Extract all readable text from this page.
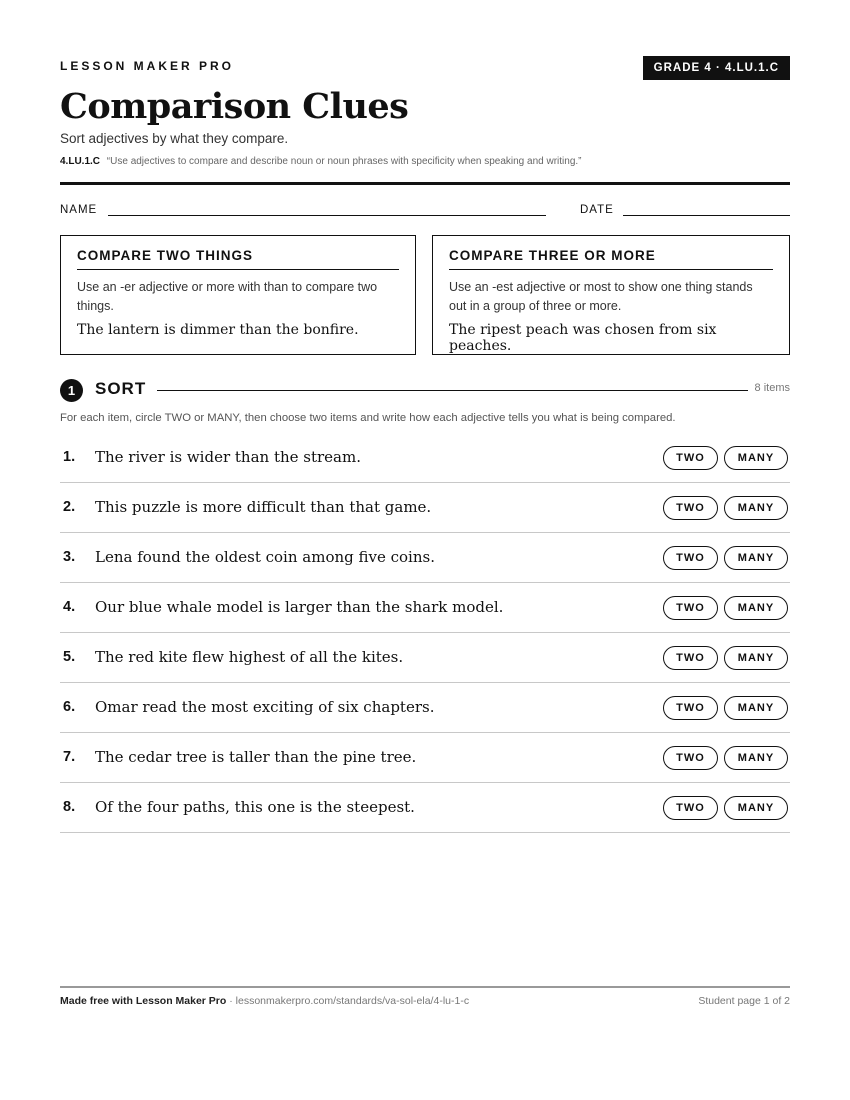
LESSON MAKER PRO	GRADE 4 · 4.LU.1.C
Comparison Clues
Sort adjectives by what they compare.
4.LU.1.C “Use adjectives to compare and describe noun or noun phrases with specificity when speaking and writing.”
NAME	DATE
COMPARE TWO THINGS
Use an -er adjective or more with than to compare two things.
The lantern is dimmer than the bonfire.
COMPARE THREE OR MORE
Use an -est adjective or most to show one thing stands out in a group of three or more.
The ripest peach was chosen from six peaches.
1	SORT	8 items
For each item, circle TWO or MANY, then choose two items and write how each adjective tells you what is being compared.
1. The river is wider than the stream.	TWO	MANY
2. This puzzle is more difficult than that game.	TWO	MANY
3. Lena found the oldest coin among five coins.	TWO	MANY
4. Our blue whale model is larger than the shark model.	TWO	MANY
5. The red kite flew highest of all the kites.	TWO	MANY
6. Omar read the most exciting of six chapters.	TWO	MANY
7. The cedar tree is taller than the pine tree.	TWO	MANY
8. Of the four paths, this one is the steepest.	TWO	MANY
Made free with Lesson Maker Pro · lessonmakerpro.com/standards/va-sol-ela/4-lu-1-c	Student page 1 of 2
